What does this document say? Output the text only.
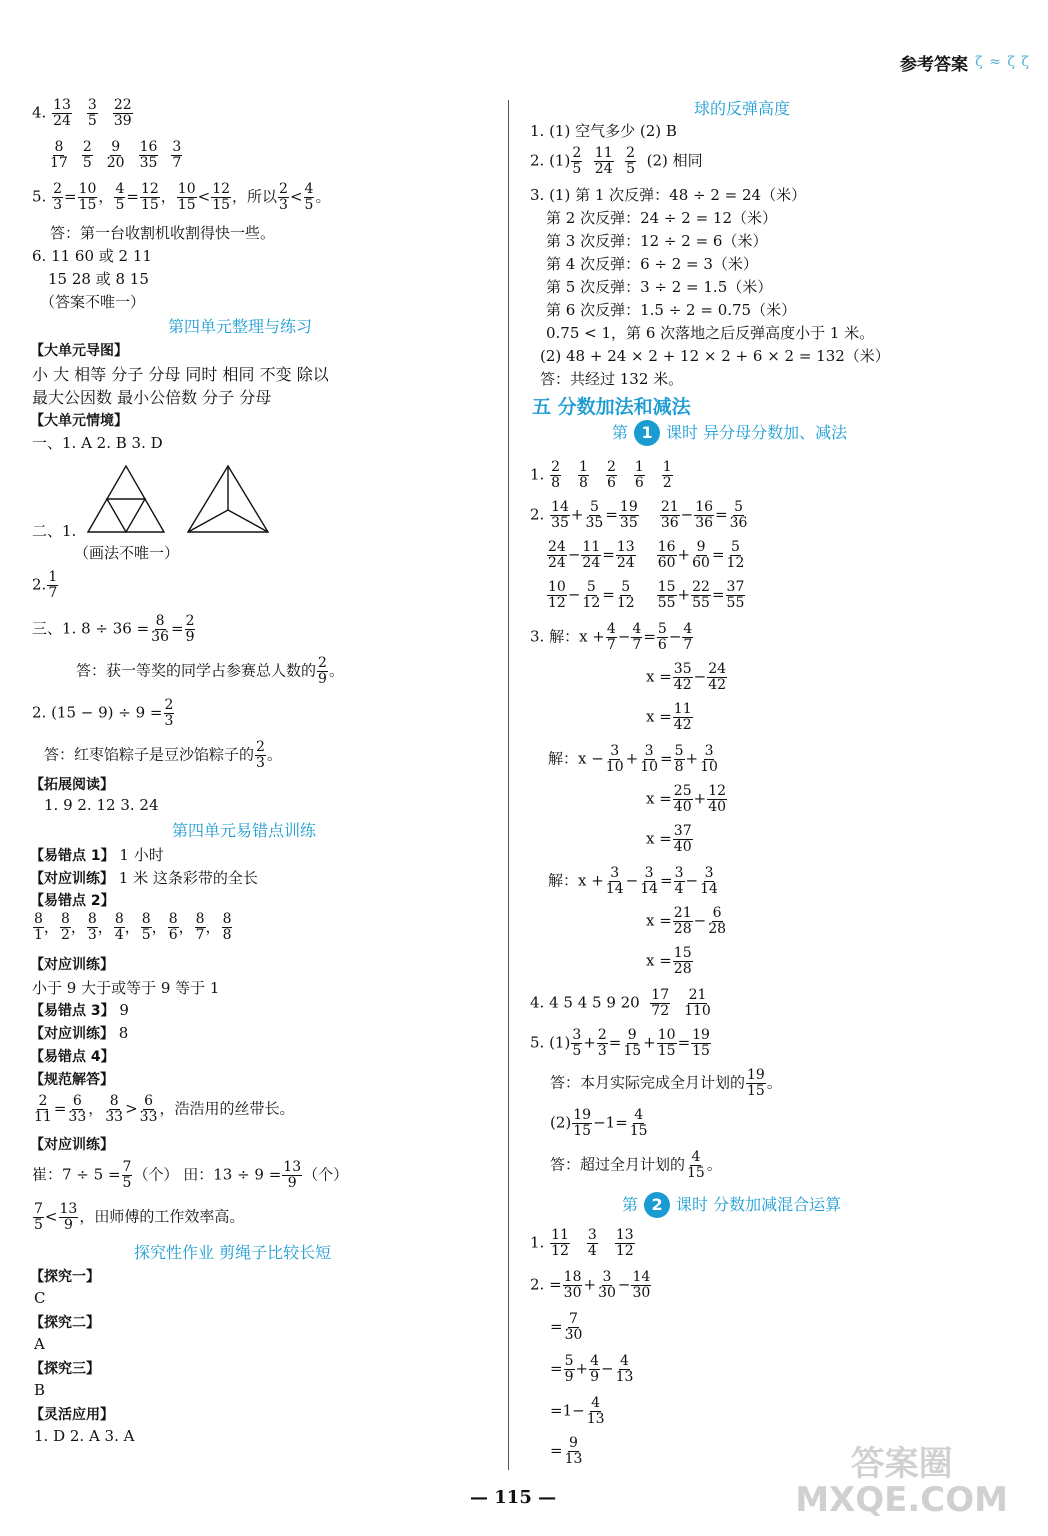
参考答案 ζ ≈ ζ ζ
4. $\frac{13}{24} \frac{3}{5} \frac{22}{39}$
$\frac{8}{17} \frac{2}{5} \frac{9}{20} \frac{16}{35} \frac{3}{7}$
5. $\frac{2}{3} = \frac{10}{15}$ ， $\frac{4}{5} = \frac{12}{15}$ ， $\frac{10}{15} < \frac{12}{15}$ ，所以 $\frac{2}{3} < \frac{4}{5}$ 。
答：第一台收割机收割得快一些。
6. 11 60 或 2 11
15 28 或 8 15
（答案不唯一）
第四单元整理与练习
【大单元导图】
小 大 相等 分子 分母 同时 相同 不变 除以
最大公因数 最小公倍数 分子 分母
【大单元情境】
一、1. A 2. B 3. D
二、1.
（画法不唯一）
2. $\frac{1}{7}$
三、1. $8 \div 36 = \frac{8}{36} = \frac{2}{9}$
答：获一等奖的同学占参赛总人数的 $\frac{2}{9}$ 。
2. $(15 - 9) \div 9 = \frac{2}{3}$
答：红枣馅粽子是豆沙馅粽子的 $\frac{2}{3}$ 。
【拓展阅读】
1. 9 2. 12 3. 24
第四单元易错点训练
【易错点 1】 1 小时
【对应训练】 1 米 这条彩带的全长
【易错点 2】
$\frac{8}{1}$ ， $\frac{8}{2}$ ， $\frac{8}{3}$ ， $\frac{8}{4}$ ， $\frac{8}{5}$ ， $\frac{8}{6}$ ， $\frac{8}{7}$ ， $\frac{8}{8}$
【对应训练】
小于 9 大于或等于 9 等于 1
【易错点 3】 9
【对应训练】 8
【易错点 4】
【规范解答】
$\frac{2}{11} = \frac{6}{33}$ ， $\frac{8}{33} > \frac{6}{33}$ ，浩浩用的丝带长。
【对应训练】
崔：$7 \div 5 = \frac{7}{5}$ （个） 田：$13 \div 9 = \frac{13}{9}$ （个）
$\frac{7}{5} < \frac{13}{9}$ ，田师傅的工作效率高。
探究性作业 剪绳子比较长短
【探究一】
C
【探究二】
A
【探究三】
B
【灵活应用】
1. D 2. A 3. A
球的反弹高度
1. (1) 空气多少 (2) B
2. $(1) \frac{2}{5}$
$\frac{11}{24}$
$\frac{2}{5} (2)$ 相同
3. (1) 第 1 次反弹：48 ÷ 2 = 24（米）
第 2 次反弹：24 ÷ 2 = 12（米）
第 3 次反弹：12 ÷ 2 = 6（米）
第 4 次反弹：6 ÷ 2 = 3（米）
第 5 次反弹：3 ÷ 2 = 1.5（米）
第 6 次反弹：1.5 ÷ 2 = 0.75（米）
0.75 < 1，第 6 次落地之后反弹高度小于 1 米。
(2) 48 + 24 × 2 + 12 × 2 + 6 × 2 = 132（米）
答：共经过 132 米。
五 分数加法和减法
第 1 课时 异分母分数加、减法
1. $\frac{2}{8} \frac{1}{8} \frac{2}{6} \frac{1}{6} \frac{1}{2}$
2. $\frac{14}{35} + \frac{5}{35} = \frac{19}{35}$
$\frac{21}{36} - \frac{16}{36} = \frac{5}{36}$
$\frac{24}{24} - \frac{11}{24} = \frac{13}{24}$
$\frac{16}{60} + \frac{9}{60} = \frac{5}{12}$
$\frac{10}{12} - \frac{5}{12} = \frac{5}{12}$
$\frac{15}{55} + \frac{22}{55} = \frac{37}{55}$
3. 解：$x + \frac{4}{7} - \frac{4}{7} = \frac{5}{6} - \frac{4}{7}$
$x = \frac{35}{42} - \frac{24}{42}$
$x = \frac{11}{42}$
解：$x - \frac{3}{10} + \frac{3}{10} = \frac{5}{8} + \frac{3}{10}$
$x = \frac{25}{40} + \frac{12}{40}$
$x = \frac{37}{40}$
解：$x + \frac{3}{14} - \frac{3}{14} = \frac{3}{4} - \frac{3}{14}$
$x = \frac{21}{28} - \frac{6}{28}$
$x = \frac{15}{28}$
4. 4 5 4 5 9 $20 \frac{17}{72} \frac{21}{110}$
5. $(1) \frac{3}{5} + \frac{2}{3} = \frac{9}{15} + \frac{10}{15} = \frac{19}{15}$
答：本月实际完成全月计划的 $\frac{19}{15}$ 。
$(2) \frac{19}{15} -1= \frac{4}{15}$
答：超过全月计划的 $\frac{4}{15}$ 。
第 2 课时 分数加减混合运算
1. $\frac{11}{12} \frac{3}{4} \frac{13}{12}$
2. = $\frac{18}{30} + \frac{3}{30} - \frac{14}{30}$
= $\frac{7}{30}$
= $\frac{5}{9} + \frac{4}{9} - \frac{4}{13}$
$=1- \frac{4}{13}$
= $\frac{9}{13}$
— 115 —
答案圈
MXQE.COM
